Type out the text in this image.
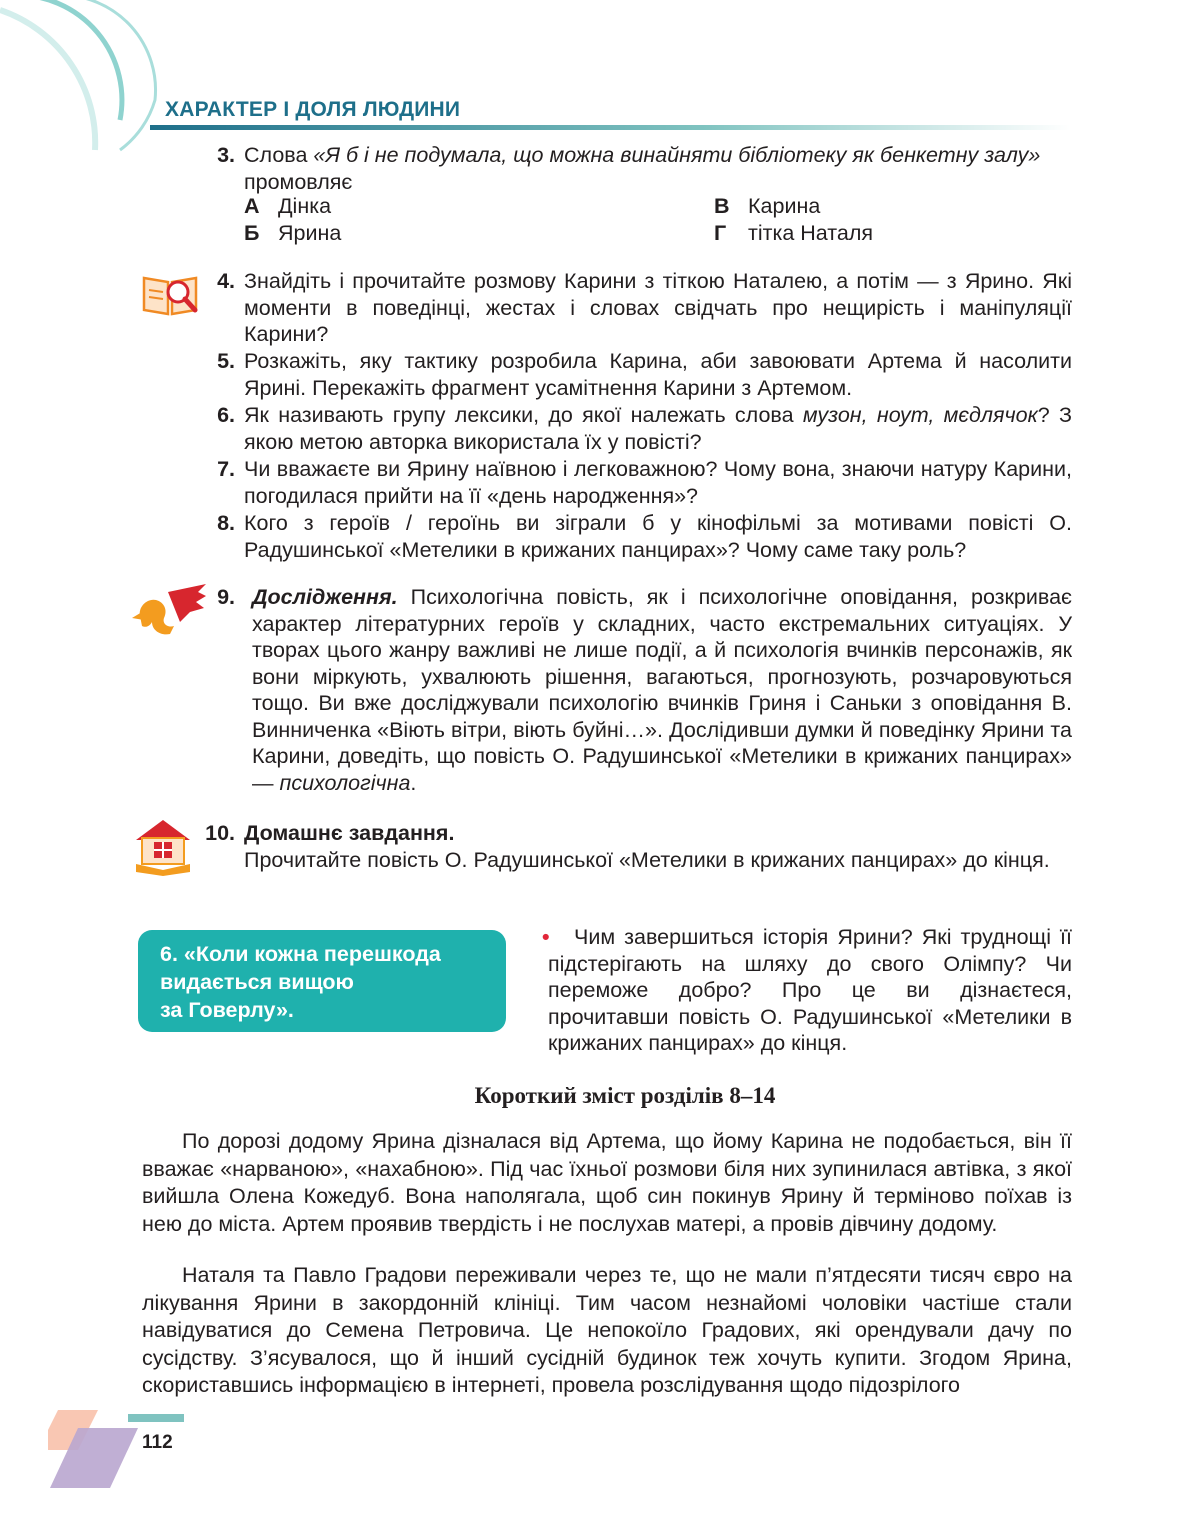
ХАРАКТЕР І ДОЛЯ ЛЮДИНИ
3. Слова «Я б і не подумала, що можна винайняти бібліотеку як бенкетну залу»
промовляє
А Дінка
Б Ярина
В Карина
Г тітка Наталя
4. Знайдіть і прочитайте розмову Карини з тіткою Наталею, а потім — з Ярино. Які моменти в поведінці, жестах і словах свідчать про нещирість і маніпуляції Карини?
5. Розкажіть, яку тактику розробила Карина, аби завоювати Артема й насолити Ярині. Перекажіть фрагмент усамітнення Карини з Артемом.
6. Як називають групу лексики, до якої належать слова музон, ноут, мєдлячок? З якою метою авторка використала їх у повісті?
7. Чи вважаєте ви Ярину наївною і легковажною? Чому вона, знаючи натуру Карини, погодилася прийти на її «день народження»?
8. Кого з героїв / героїнь ви зіграли б у кінофільмі за мотивами повісті О. Радушинської «Метелики в крижаних панцирах»? Чому саме таку роль?
9. Дослідження. Психологічна повість, як і психологічне оповідання, розкриває характер літературних героїв у складних, часто екстремальних ситуаціях. У творах цього жанру важливі не лише події, а й психологія вчинків персонажів, як вони міркують, ухвалюють рішення, вагаються, прогнозують, розчаровуються тощо. Ви вже досліджували психологію вчинків Гриня і Саньки з оповідання В. Винниченка «Віють вітри, віють буйні…». Дослідивши думки й поведінку Ярини та Карини, доведіть, що повість О. Радушинської «Метелики в крижаних панцирах» — психологічна.
10. Домашнє завдання.
Прочитайте повість О. Радушинської «Метелики в крижаних панцирах» до кінця.
6. «Коли кожна перешкода
видається вищою
за Говерлу».
•	Чим завершиться історія Ярини? Які труднощі її підстерігають на шляху до свого Олімпу? Чи переможе добро? Про це ви дізнаєтеся, прочитавши повість О. Радушинської «Метелики в крижаних панцирах» до кінця.
Короткий зміст розділів 8–14
По дорозі додому Ярина дізналася від Артема, що йому Карина не подобається, він її вважає «нарваною», «нахабною». Під час їхньої розмови біля них зупинилася автівка, з якої вийшла Олена Кожедуб. Вона наполягала, щоб син покинув Ярину й терміново поїхав із нею до міста. Артем проявив твердість і не послухав матері, а провів дівчину додому.
Наталя та Павло Градови переживали через те, що не мали п’ятдесяти тисяч євро на лікування Ярини в закордонній клініці. Тим часом незнайомі чоловіки частіше стали навідуватися до Семена Петровича. Це непокоїло Градових, які орендували дачу по сусідству. З’ясувалося, що й інший сусідній будинок теж хочуть купити. Згодом Ярина, скориставшись інформацією в інтернеті, провела розслідування щодо підозрілого
112
